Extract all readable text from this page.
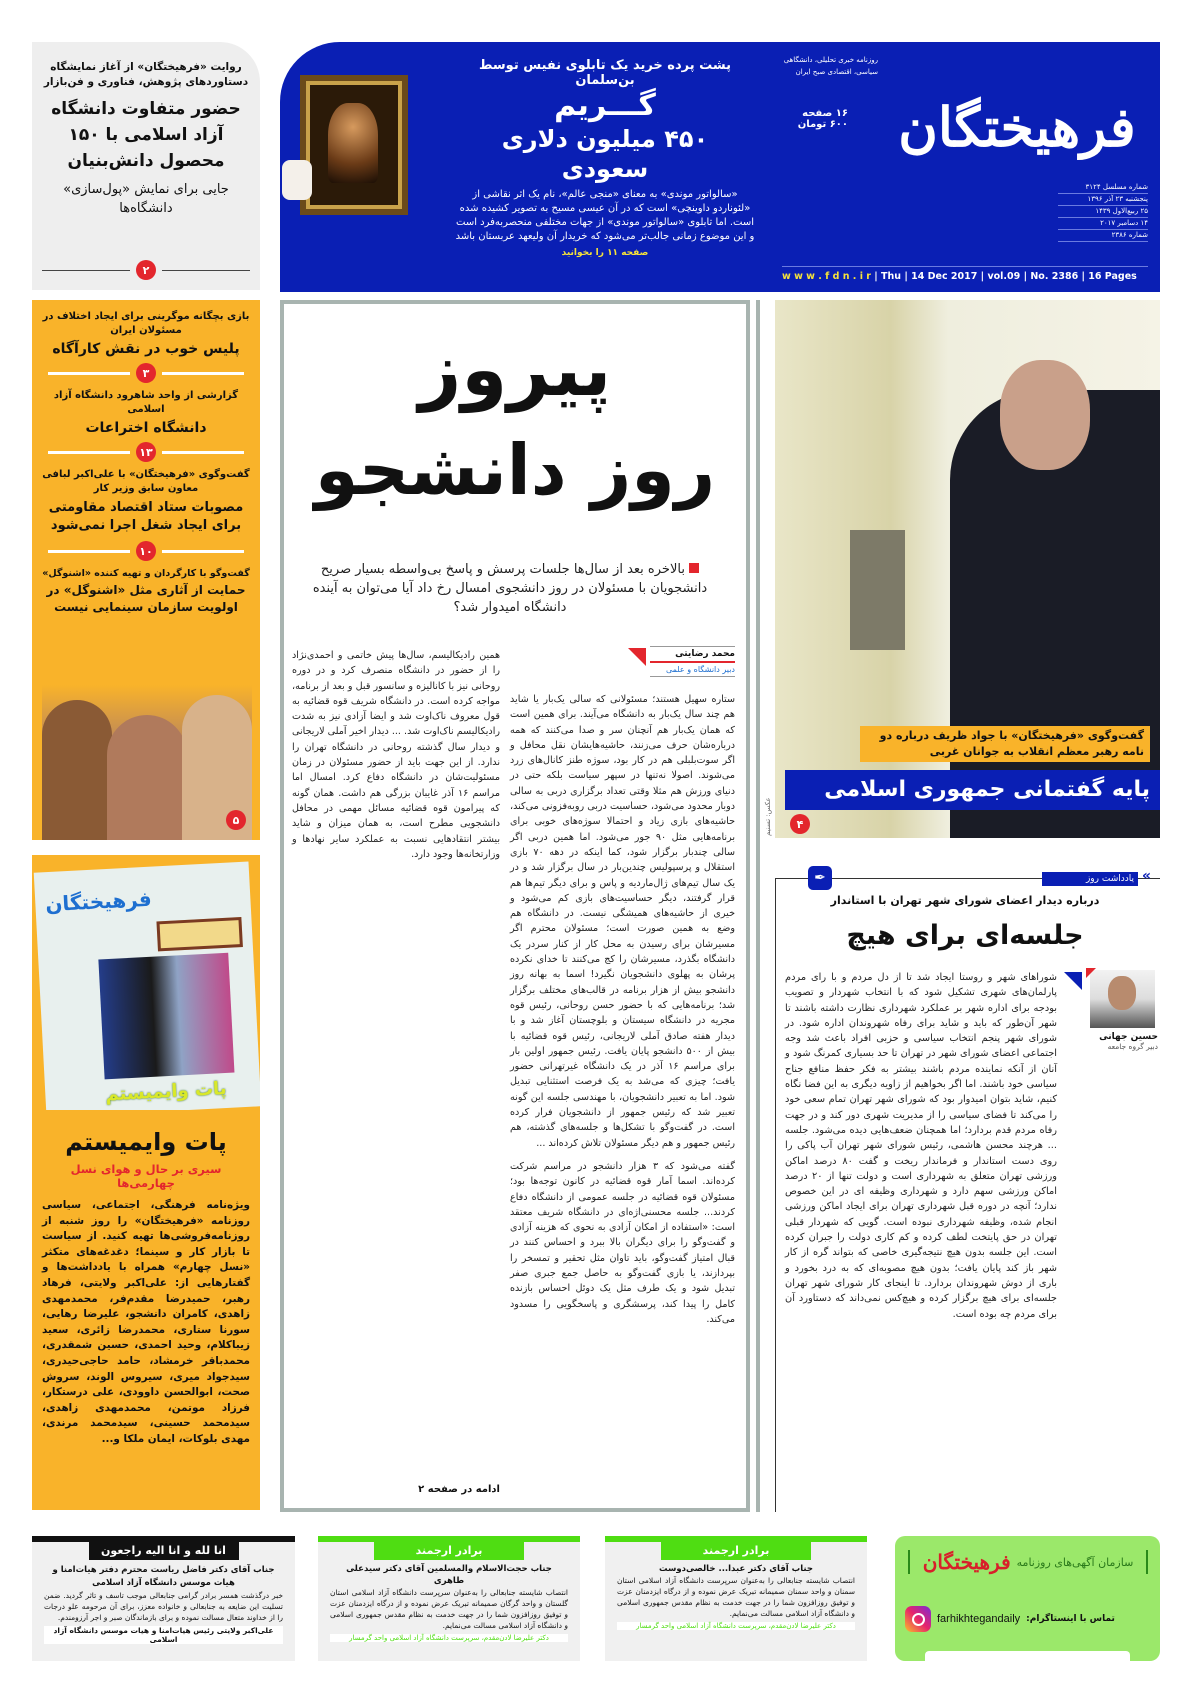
پشت پرده خرید یک تابلوی نفیس توسط بن‌سلمان
گـــریم
۴۵۰ میلیون دلاری سعودی
«سالواتور موندی» به معنای «منجی عالم»، نام یک اثر نقاشی از «لئوناردو داوینچی» است که در آن عیسی مسیح به تصویر کشیده شده است. اما تابلوی «سالواتور موندی» از جهات مختلفی منحصربه‌فرد است و این موضوع زمانی جالب‌تر می‌شود که خریدار آن ولیعهد عربستان باشد
صفحه ۱۱ را بخوانید
روزنامه خبری تحلیلی، دانشگاهی
سیاسی، اقتصادی صبح ایران
۱۶ صفحه
۶۰۰ تومان فرهیختگان
شماره مسلسل ۳۱۲۴
پنجشنبه ۲۳ آذر ۱۳۹۶
۲۵ ربیع‌الاول ۱۴۳۹
۱۴ دسامبر ۲۰۱۷
شماره ۲۳۸۶
w w w . f d n . i r | Thu | 14 Dec 2017 | vol.09 | No. 2386 | 16 Pages
روایت «فرهیختگان» از آغاز نمایشگاه دستاوردهای پژوهش، فناوری و فن‌بازار
حضور متفاوت دانشگاه آزاد اسلامی با ۱۵۰ محصول دانش‌بنیان
جایی برای نمایش «پول‌سازی» دانشگاه‌ها
۲
بازی بچگانه موگرینی برای ایجاد اختلاف در مسئولان ایران
پلیس خوب در نقش کارآگاه
۳
گزارشی از واحد شاهرود دانشگاه آزاد اسلامی
دانشگاه اختراعات
۱۳
گفت‌وگوی «فرهیختگان» با علی‌اکبر لبافی معاون سابق وزیر کار
مصوبات ستاد اقتصاد مقاومتی برای ایجاد شغل اجرا نمی‌شود
۱۰
گفت‌وگو با کارگردان و تهیه کننده «اشنوگل»
حمایت از آثاری مثل «اشنوگل» در اولویت سازمان سینمایی نیست
۵
فرهیختگان
پات وایمیستم
پات وایمیستم
سیری بر حال و هوای نسل چهارمی‌ها
ویژه‌نامه فرهنگی، اجتماعی، سیاسی روزنامه «فرهیختگان» را روز شنبه از روزنامه‌فروشی‌ها تهیه کنید. از سیاست تا بازار کار و سینما؛ دغدغه‌های متکثر «نسل چهارم» همراه با یادداشت‌ها و گفتارهایی از: علی‌اکبر ولایتی، فرهاد رهبر، حمیدرضا مقدم‌فر، محمدمهدی زاهدی، کامران دانشجو، علیرضا رهایی، سورنا ستاری، محمدرضا زائری، سعید زیباکلام، وحید احمدی، حسین شمقدری، محمدباقر خرمشاد، حامد حاجی‌حیدری، سیدجواد میری، سیروس الوند، سروش صحت، ابوالحسن داوودی، علی درستکار، فرزاد موتمن، محمدمهدی زاهدی، سیدمحمد حسینی، سیدمحمد مرندی، مهدی بلوکات، ایمان ملکا و...
پیروز
روز دانشجو
بالاخره بعد از سال‌ها جلسات پرسش و پاسخ بی‌واسطه بسیار صریح دانشجویان با مسئولان در روز دانشجوی امسال رخ داد آیا می‌توان به آینده دانشگاه امیدوار شد؟
محمد رضایتی
دبیر دانشگاه و علمی
ستاره سهیل هستند؛ مسئولانی که سالی یک‌بار یا شاید هم چند سال یک‌بار به دانشگاه می‌آیند. برای همین است که همان یک‌بار هم آنچنان سر و صدا می‌کنند که همه درباره‌شان حرف می‌زنند، حاشیه‌هایشان نقل محافل و اگر سوت‌بلبلی هم در کار بود، سوژه طنز کانال‌های زرد می‌شوند. اصولا نه‌تنها در سپهر سیاست بلکه حتی در دنیای ورزش هم مثلا وقتی تعداد برگزاری دربی به سالی دوبار محدود می‌شود، حساسیت دربی روبه‌فزونی می‌کند، حاشیه‌های بازی زیاد و احتمالا سوژه‌های خوبی برای برنامه‌هایی مثل ۹۰ جور می‌شود. اما همین دربی اگر سالی چندبار برگزار شود، کما اینکه در دهه ۷۰ بازی استقلال و پرسپولیس چندین‌بار در سال برگزار شد و در یک سال تیم‌های ژال‌ماردیه و پاس و برای دیگر تیم‌ها هم قرار گرفتند، دیگر حساسیت‌های بازی کم می‌شود و خیری از حاشیه‌های همیشگی نیست. در دانشگاه هم وضع به همین صورت است؛ مسئولان محترم اگر مسیرشان برای رسیدن به محل کار از کنار سردر یک دانشگاه بگذرد، مسیرشان را کج می‌کنند تا خدای نکرده پرشان به پهلوی دانشجویان نگیرد! اسما به بهانه روز دانشجو بیش از هزار برنامه در قالب‌های مختلف برگزار شد؛ برنامه‌هایی که با حضور حسن روحانی، رئیس قوه مجریه در دانشگاه سیستان و بلوچستان آغاز شد و با دیدار هفته صادق آملی لاریجانی، رئیس قوه قضائیه با بیش از ۵۰۰ دانشجو پایان یافت. رئیس جمهور اولین بار برای مراسم ۱۶ آذر در یک دانشگاه غیرتهرانی حضور یافت؛ چیزی که می‌شد به یک فرصت استثنایی تبدیل شود. اما به تعبیر دانشجویان، با مهندسی جلسه این گونه تعبیر شد که رئیس جمهور از دانشجویان فرار کرده است. در گفت‌وگو با تشکل‌ها و جلسه‌های گذشته، هم رئیس جمهور و هم دیگر مسئولان تلاش کرده‌اند ...
گفته می‌شود که ۳ هزار دانشجو در مراسم شرکت کرده‌اند. اسما آمار قوه قضائیه در کانون توجه‌ها بود؛ مسئولان قوه قضائیه در جلسه عمومی از دانشگاه دفاع کردند... جلسه محسنی‌اژه‌ای در دانشگاه شریف معتقد است: «استفاده از امکان آزادی به نحوی که هزینه آزادی و گفت‌وگو را برای دیگران بالا ببرد و احساس کنند در قبال امتیاز گفت‌وگو، باید تاوان مثل تحقیر و تمسخر را بپردازند، یا بازی گفت‌وگو به حاصل جمع جبری صفر تبدیل شود و یک طرف مثل یک دوئل احساس بازنده کامل را پیدا کند، پرسشگری و پاسخگویی را مسدود می‌کند.
همین رادیکالیسم، سال‌ها پیش خاتمی و احمدی‌نژاد را از حضور در دانشگاه منصرف کرد و در دوره روحانی نیز با کانالیزه و سانسور قبل و بعد از برنامه، مواجه کرده است. در دانشگاه شریف قوه قضائیه به قول معروف ناک‌اوت شد و ایضا آزادی نیز به شدت رادیکالیسم ناک‌اوت شد. ... دیدار اخیر آملی لاریجانی و دیدار سال گذشته روحانی در دانشگاه تهران را ندارد. از این جهت باید از حضور مسئولان در زمان مسئولیت‌شان در دانشگاه دفاع کرد. امسال اما مراسم ۱۶ آذر غایبان بزرگی هم داشت. همان گونه که پیرامون قوه قضائیه مسائل مهمی در محافل دانشجویی مطرح است، به همان میزان و شاید بیشتر انتقادهایی نسبت به عملکرد سایر نهادها و وزارتخانه‌ها وجود دارد.
ادامه در صفحه ۲
گفت‌وگوی «فرهیختگان» با جواد ظریف درباره دو نامه رهبر معظم انقلاب به جوانان غربی
پایه گفتمانی جمهوری اسلامی
۴
عکس: تسنیم
✒	یادداشت روز «
درباره دیدار اعضای شورای شهر تهران با استاندار
جلسه‌ای برای هیچ
حسین جهانی
دبیر گروه جامعه
شوراهای شهر و روستا ایجاد شد تا از دل مردم و با رای مردم پارلمان‌های شهری تشکیل شود که با انتخاب شهردار و تصویب بودجه برای اداره شهر بر عملکرد شهرداری نظارت داشته باشند تا شهر آن‌طور که باید و شاید برای رفاه شهروندان اداره شود. در شورای شهر پنجم انتخاب سیاسی و حزبی افراد باعث شد وجه اجتماعی اعضای شورای شهر در تهران تا حد بسیاری کمرنگ شود و آنان از آنکه نماینده مردم باشند بیشتر به فکر حفظ منافع جناح سیاسی خود باشند. اما اگر بخواهیم از زاویه دیگری به این فضا نگاه کنیم، شاید بتوان امیدوار بود که شورای شهر تهران تمام سعی خود را می‌کند تا فضای سیاسی را از مدیریت شهری دور کند و در جهت رفاه مردم قدم بردارد؛ اما همچنان ضعف‌هایی دیده می‌شود. جلسه ... هرچند محسن هاشمی، رئیس شورای شهر تهران آب پاکی را روی دست استاندار و فرماندار ریخت و گفت ۸۰ درصد اماکن ورزشی تهران متعلق به شهرداری است و دولت تنها از ۲۰ درصد اماکن ورزشی سهم دارد و شهرداری وظیفه ای در این خصوص ندارد؛ آنچه در دوره قبل شهرداری تهران برای ایجاد اماکن ورزشی انجام شده، وظیفه شهرداری نبوده است. گویی که شهردار قبلی تهران در حق پایتخت لطف کرده و کم کاری دولت را جبران کرده است. این جلسه بدون هیچ نتیجه‌گیری خاصی که بتواند گره از کار شهر باز کند پایان یافت؛ بدون هیچ مصوبه‌ای که به درد بخورد و باری از دوش شهروندان بردارد. تا اینجای کار شورای شهر تهران جلسه‌ای برای هیچ برگزار کرده و هیچ‌کس نمی‌داند که دستاورد آن برای مردم چه بوده است.
انا لله و انا الیه راجعون
جناب آقای دکتر فاضل ریاست محترم دفتر هیات‌امنا و هیات موسس دانشگاه آزاد اسلامی
خبر درگذشت همسر برادر گرامی جنابعالی موجب تاسف و تاثر گردید. ضمن تسلیت این ضایعه به جنابعالی و خانواده معزز، برای آن مرحومه علو درجات را از خداوند متعال مسالت نموده و برای بازماندگان صبر و اجر آرزومندم.
علی‌اکبر ولایتی رئیس هیات‌امنا و هیات موسس دانشگاه آزاد اسلامی
برادر ارجمند
جناب حجت‌الاسلام والمسلمین آقای دکتر سیدعلی طاهری
انتصاب شایسته جنابعالی را به‌عنوان سرپرست دانشگاه آزاد اسلامی استان گلستان و واحد گرگان صمیمانه تبریک عرض نموده و از درگاه ایزدمنان عزت و توفیق روزافزون شما را در جهت خدمت به نظام مقدس جمهوری اسلامی و دانشگاه آزاد اسلامی مسالت می‌نمایم.
دکتر علیرضا لادن‌مقدم، سرپرست دانشگاه آزاد اسلامی واحد گرمسار
برادر ارجمند
جناب آقای دکتر عبدا... خالصی‌دوست
انتصاب شایسته جنابعالی را به‌عنوان سرپرست دانشگاه آزاد اسلامی استان سمنان و واحد سمنان صمیمانه تبریک عرض نموده و از درگاه ایزدمنان عزت و توفیق روزافزون شما را در جهت خدمت به نظام مقدس جمهوری اسلامی و دانشگاه آزاد اسلامی مسالت می‌نمایم.
دکتر علیرضا لادن‌مقدم، سرپرست دانشگاه آزاد اسلامی واحد گرمسار
سازمان آگهی‌های روزنامه
فرهیختگان
farhikhtegandaily تماس با اینستاگرام:
